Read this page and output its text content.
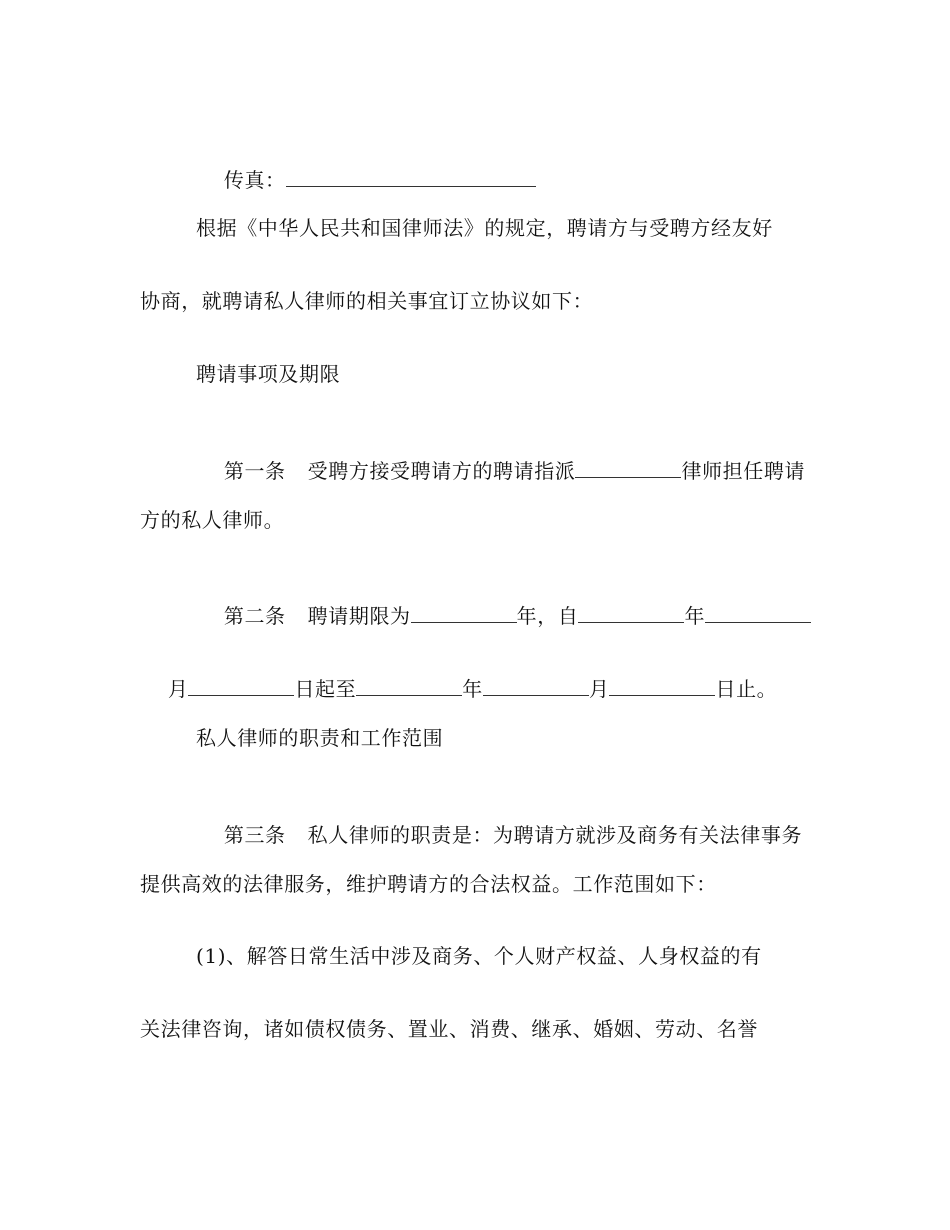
传真：

根据《中华人民共和国律师法》的规定，聘请方与受聘方经友好
协商，就聘请私人律师的相关事宜订立协议如下：
聘请事项及期限

第一条 受聘方接受聘请方的聘请指派	律师担任聘请

方的私人律师。

第二条 聘请期限为	年，自	年

月	日起至	年	月	日止。

私人律师的职责和工作范围

第三条 私人律师的职责是：为聘请方就涉及商务有关法律事务

提供高效的法律服务，维护聘请方的合法权益。工作范围如下：
(1)、解答日常生活中涉及商务、个人财产权益、人身权益的有
关法律咨询，诸如债权债务、置业、消费、继承、婚姻、劳动、名誉
